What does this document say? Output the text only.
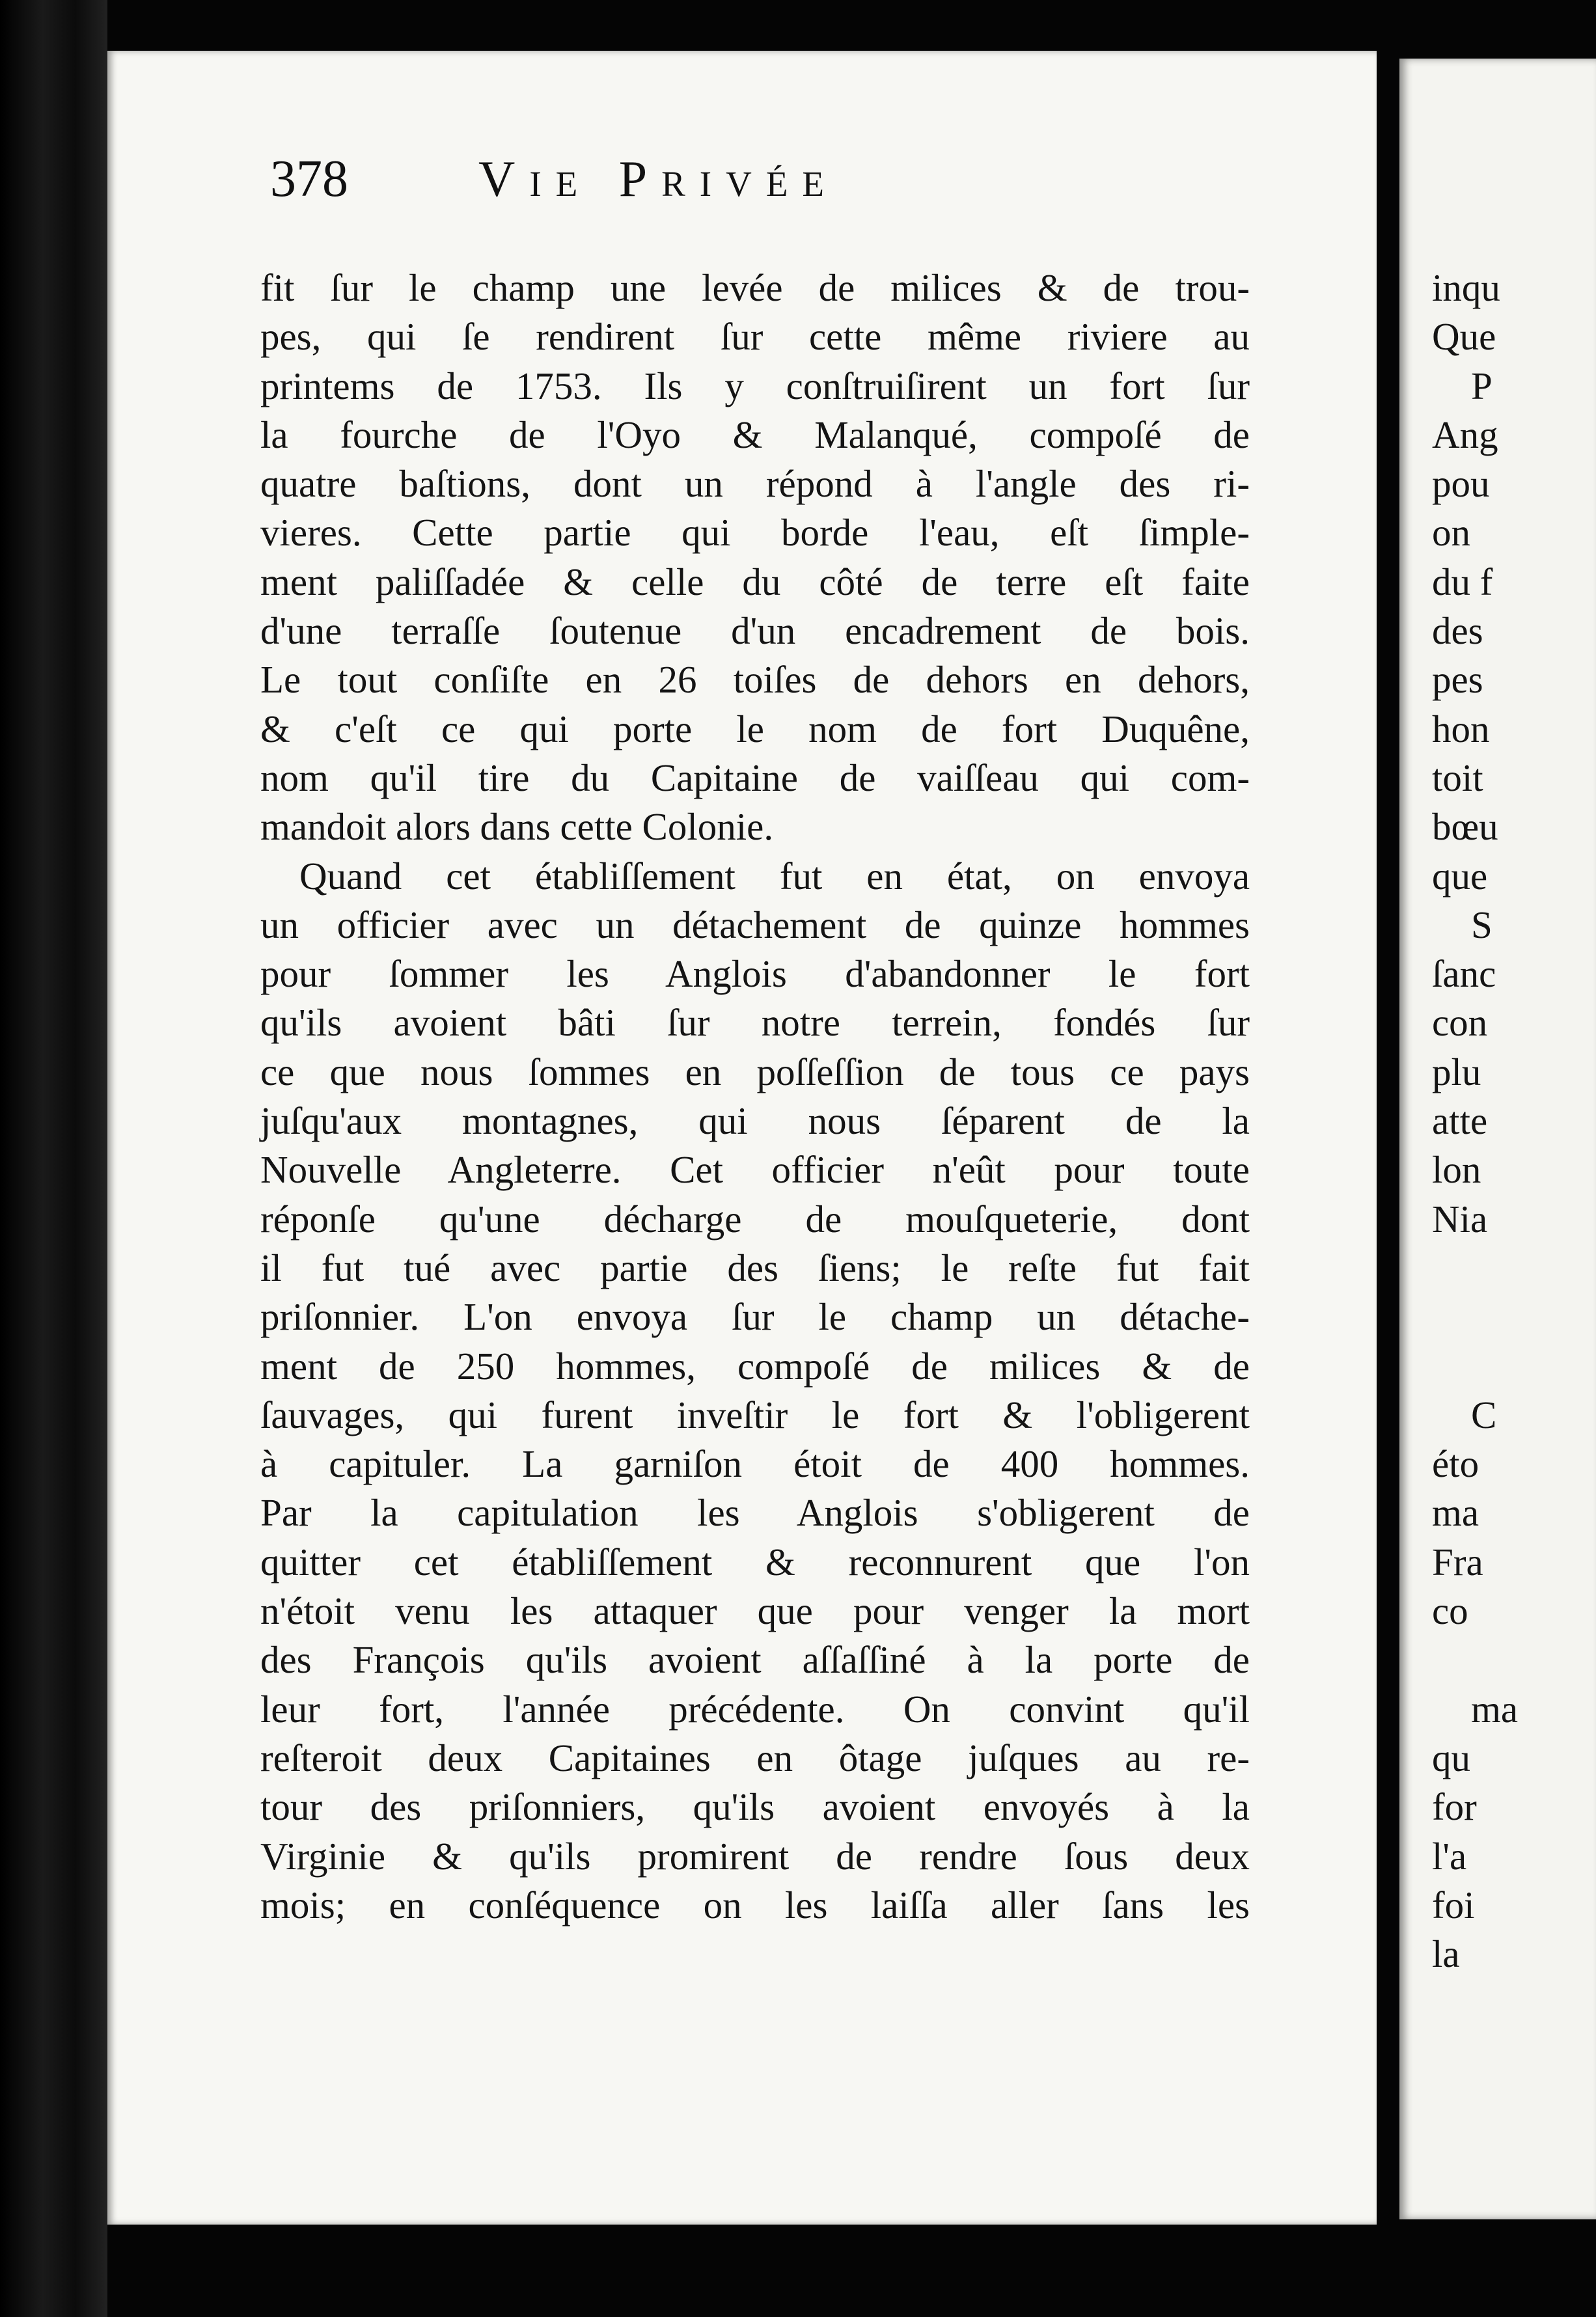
378	Vie Privée
fit ſur le champ une levée de milices & de trou-
pes, qui ſe rendirent ſur cette même riviere au
printems de 1753. Ils y conſtruiſirent un fort ſur
la fourche de l'Oyo & Malanqué, compoſé de
quatre baſtions, dont un répond à l'angle des ri-
vieres. Cette partie qui borde l'eau, eſt ſimple-
ment paliſſadée & celle du côté de terre eſt faite
d'une terraſſe ſoutenue d'un encadrement de bois.
Le tout conſiſte en 26 toiſes de dehors en dehors,
& c'eſt ce qui porte le nom de fort Duquêne,
nom qu'il tire du Capitaine de vaiſſeau qui com-
mandoit alors dans cette Colonie.
Quand cet établiſſement fut en état, on envoya
un officier avec un détachement de quinze hommes
pour ſommer les Anglois d'abandonner le fort
qu'ils avoient bâti ſur notre terrein, fondés ſur
ce que nous ſommes en poſſeſſion de tous ce pays
juſqu'aux montagnes, qui nous ſéparent de la
Nouvelle Angleterre. Cet officier n'eût pour toute
réponſe qu'une décharge de mouſqueterie, dont
il fut tué avec partie des ſiens; le reſte fut fait
priſonnier. L'on envoya ſur le champ un détache-
ment de 250 hommes, compoſé de milices & de
ſauvages, qui furent inveſtir le fort & l'obligerent
à capituler. La garniſon étoit de 400 hommes.
Par la capitulation les Anglois s'obligerent de
quitter cet établiſſement & reconnurent que l'on
n'étoit venu les attaquer que pour venger la mort
des François qu'ils avoient aſſaſſiné à la porte de
leur fort, l'année précédente. On convint qu'il
reſteroit deux Capitaines en ôtage juſques au re-
tour des priſonniers, qu'ils avoient envoyés à la
Virginie & qu'ils promirent de rendre ſous deux
mois; en conſéquence on les laiſſa aller ſans les
inqu
Que
P
Ang
pou
on
du f
des
pes
hon
toit
bœu
que
S
ſanc
con
plu
atte
lon
Nia
C
éto
ma
Fra
co
ma
qu
for
l'a
foi
la
